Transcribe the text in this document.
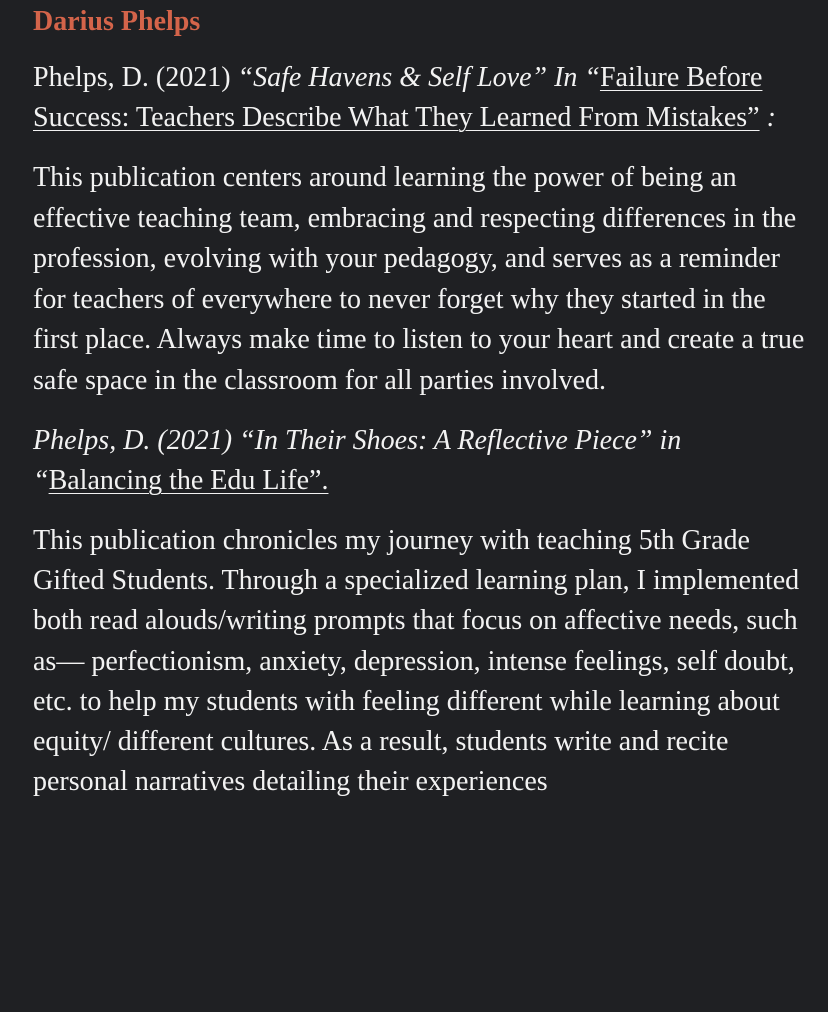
Darius Phelps
Phelps, D. (2021) “Safe Havens & Self Love” In “Failure Before Success: Teachers Describe What They Learned From Mistakes” :
This publication centers around learning the power of being an effective teaching team, embracing and respecting differences in the profession, evolving with your pedagogy, and serves as a reminder for teachers of everywhere to never forget why they started in the first place. Always make time to listen to your heart and create a true safe space in the classroom for all parties involved.
Phelps, D. (2021) “In Their Shoes: A Reflective Piece” in “Balancing the Edu Life”.
This publication chronicles my journey with teaching 5th Grade Gifted Students. Through a specialized learning plan, I implemented both read alouds/writing prompts that focus on affective needs, such as— perfectionism, anxiety, depression, intense feelings, self doubt, etc. to help my students with feeling different while learning about equity/ different cultures. As a result, students write and recite personal narratives detailing their experiences
